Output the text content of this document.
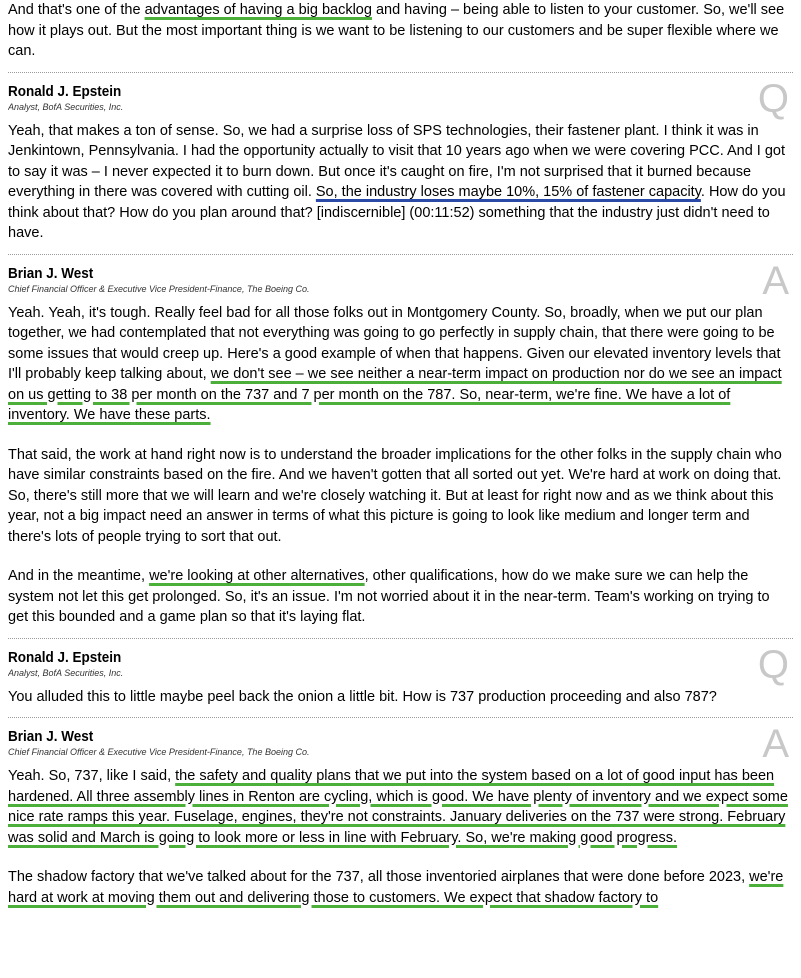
And that's one of the advantages of having a big backlog and having – being able to listen to your customer. So, we'll see how it plays out. But the most important thing is we want to be listening to our customers and be super flexible where we can.

Ronald J. Epstein
Analyst, BofA Securities, Inc.	Q

Yeah, that makes a ton of sense. So, we had a surprise loss of SPS technologies, their fastener plant. I think it was in Jenkintown, Pennsylvania. I had the opportunity actually to visit that 10 years ago when we were covering PCC. And I got to say it was – I never expected it to burn down. But once it's caught on fire, I'm not surprised that it burned because everything in there was covered with cutting oil. So, the industry loses maybe 10%, 15% of fastener capacity. How do you think about that? How do you plan around that? [indiscernible] (00:11:52) something that the industry just didn't need to have.

Brian J. West
Chief Financial Officer & Executive Vice President-Finance, The Boeing Co.	A

Yeah. Yeah, it's tough. Really feel bad for all those folks out in Montgomery County. So, broadly, when we put our plan together, we had contemplated that not everything was going to go perfectly in supply chain, that there were going to be some issues that would creep up. Here's a good example of when that happens. Given our elevated inventory levels that I'll probably keep talking about, we don't see – we see neither a near-term impact on production nor do we see an impact on us getting to 38 per month on the 737 and 7 per month on the 787. So, near-term, we're fine. We have a lot of inventory. We have these parts.

That said, the work at hand right now is to understand the broader implications for the other folks in the supply chain who have similar constraints based on the fire. And we haven't gotten that all sorted out yet. We're hard at work on doing that. So, there's still more that we will learn and we're closely watching it. But at least for right now and as we think about this year, not a big impact need an answer in terms of what this picture is going to look like medium and longer term and there's lots of people trying to sort that out.

And in the meantime, we're looking at other alternatives, other qualifications, how do we make sure we can help the system not let this get prolonged. So, it's an issue. I'm not worried about it in the near-term. Team's working on trying to get this bounded and a game plan so that it's laying flat.

Ronald J. Epstein
Analyst, BofA Securities, Inc.	Q

You alluded this to little maybe peel back the onion a little bit. How is 737 production proceeding and also 787?

Brian J. West
Chief Financial Officer & Executive Vice President-Finance, The Boeing Co.	A

Yeah. So, 737, like I said, the safety and quality plans that we put into the system based on a lot of good input has been hardened. All three assembly lines in Renton are cycling, which is good. We have plenty of inventory and we expect some nice rate ramps this year. Fuselage, engines, they're not constraints. January deliveries on the 737 were strong. February was solid and March is going to look more or less in line with February. So, we're making good progress.

The shadow factory that we've talked about for the 737, all those inventoried airplanes that were done before 2023, we're hard at work at moving them out and delivering those to customers. We expect that shadow factory to
